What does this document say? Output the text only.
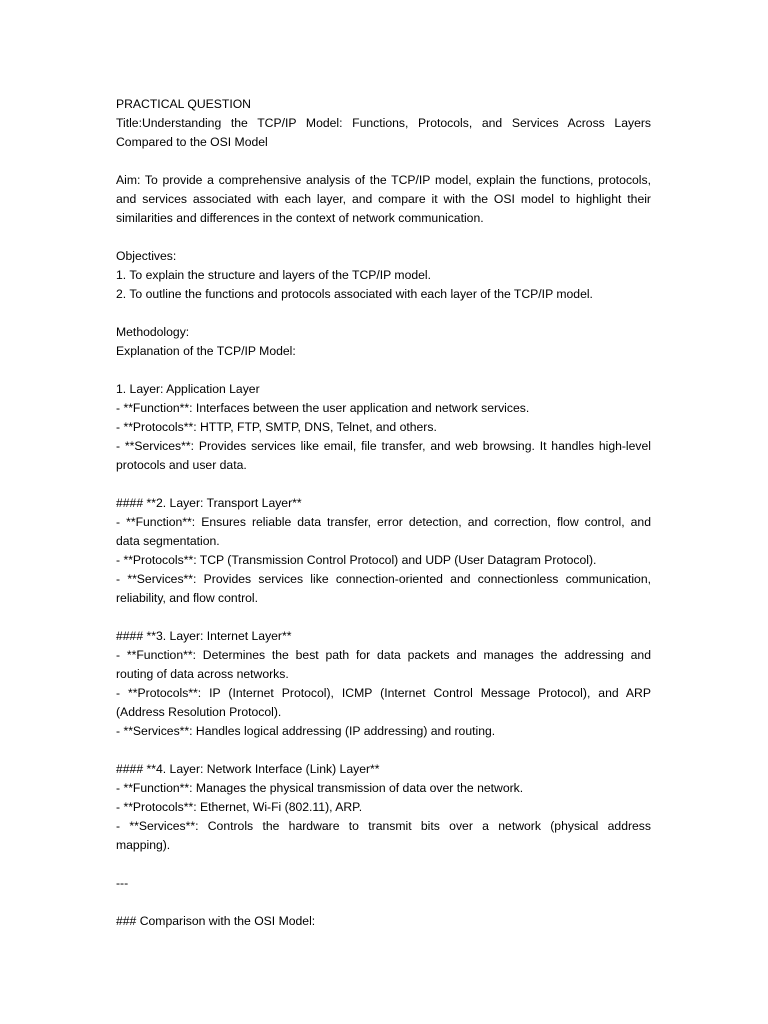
PRACTICAL QUESTION
Title:Understanding the TCP/IP Model: Functions, Protocols, and Services Across Layers
Compared to the OSI Model
Aim: To provide a comprehensive analysis of the TCP/IP model, explain the functions, protocols,
and services associated with each layer, and compare it with the OSI model to highlight their
similarities and differences in the context of network communication.
Objectives:
1. To explain the structure and layers of the TCP/IP model.
2. To outline the functions and protocols associated with each layer of the TCP/IP model.
Methodology:
Explanation of the TCP/IP Model:
1. Layer: Application Layer
- **Function**: Interfaces between the user application and network services.
- **Protocols**: HTTP, FTP, SMTP, DNS, Telnet, and others.
- **Services**: Provides services like email, file transfer, and web browsing. It handles high-level
protocols and user data.
#### **2. Layer: Transport Layer**
- **Function**: Ensures reliable data transfer, error detection, and correction, flow control, and
data segmentation.
- **Protocols**: TCP (Transmission Control Protocol) and UDP (User Datagram Protocol).
- **Services**: Provides services like connection-oriented and connectionless communication,
reliability, and flow control.
#### **3. Layer: Internet Layer**
- **Function**: Determines the best path for data packets and manages the addressing and
routing of data across networks.
- **Protocols**: IP (Internet Protocol), ICMP (Internet Control Message Protocol), and ARP
(Address Resolution Protocol).
- **Services**: Handles logical addressing (IP addressing) and routing.
#### **4. Layer: Network Interface (Link) Layer**
- **Function**: Manages the physical transmission of data over the network.
- **Protocols**: Ethernet, Wi-Fi (802.11), ARP.
- **Services**: Controls the hardware to transmit bits over a network (physical address
mapping).
---
### Comparison with the OSI Model:
